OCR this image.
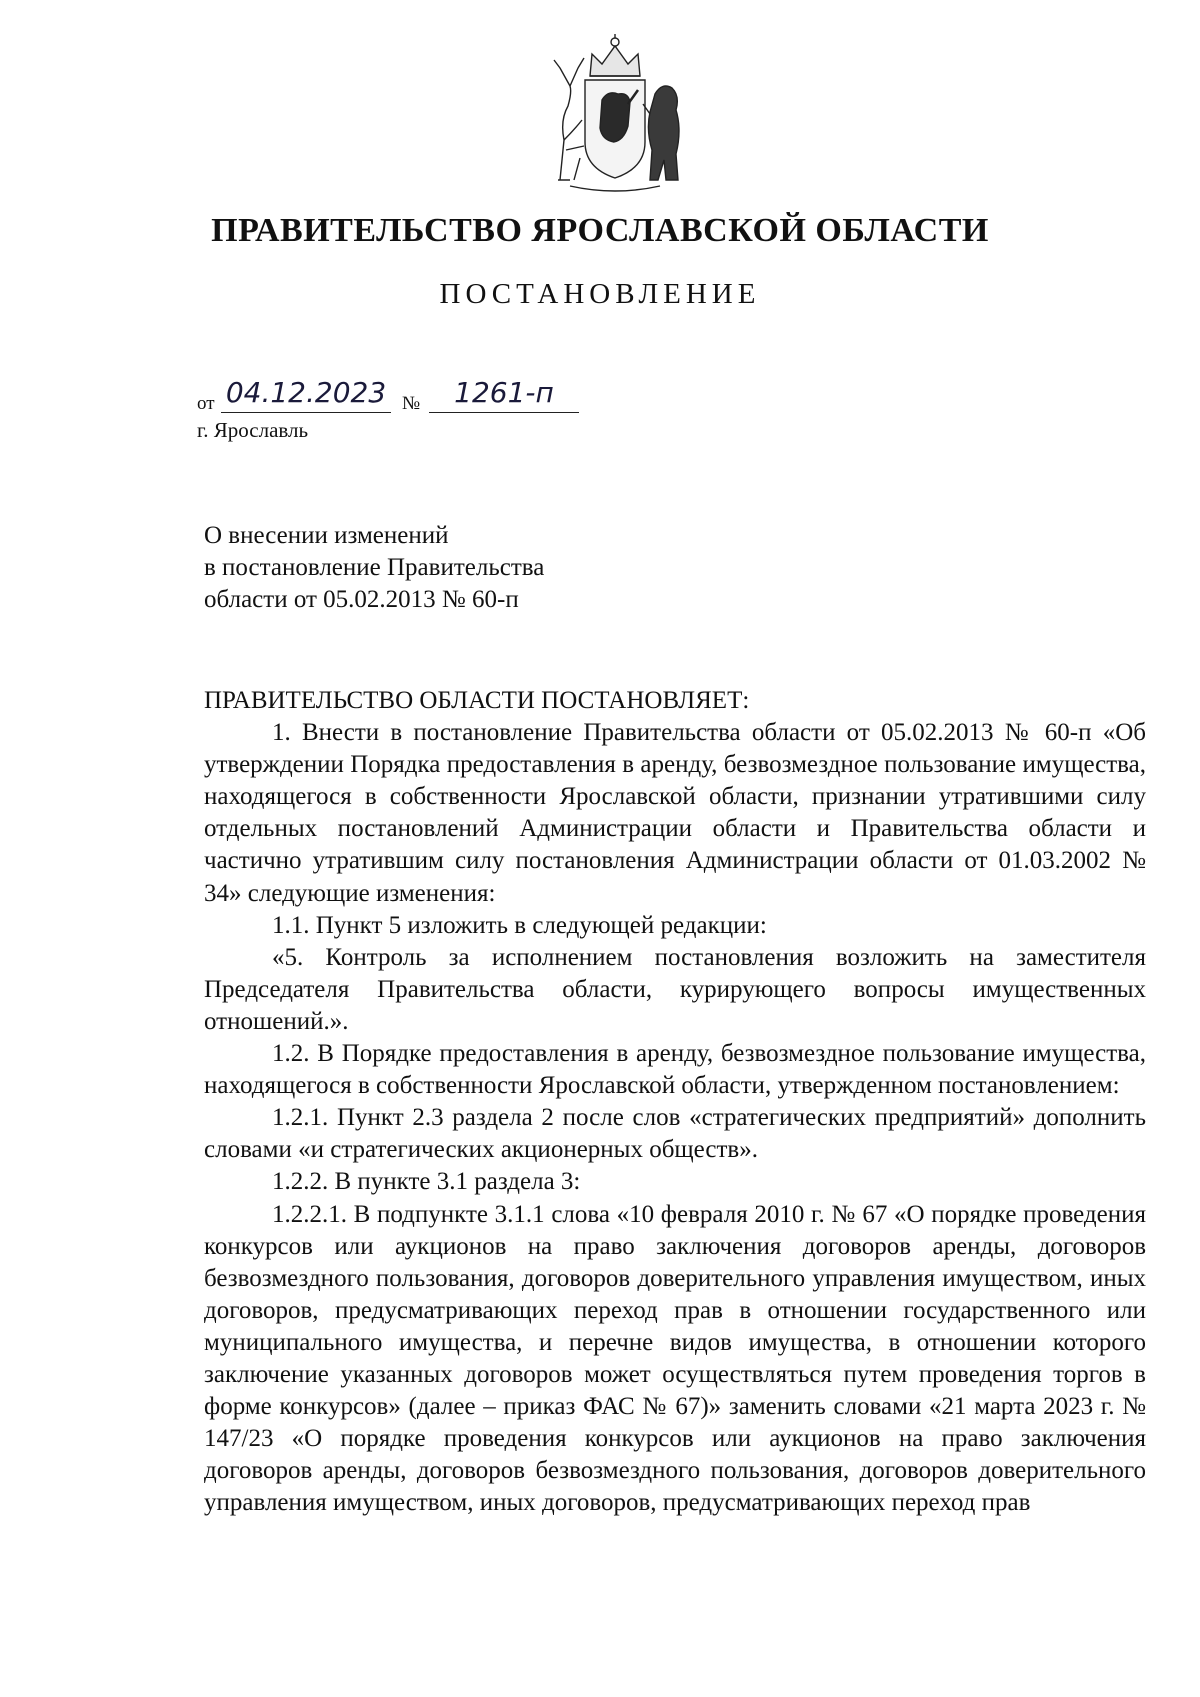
ПРАВИТЕЛЬСТВО ЯРОСЛАВСКОЙ ОБЛАСТИ
ПОСТАНОВЛЕНИЕ
от 04.12.2023 №	1261-п
г. Ярославль
О внесении изменений
в постановление Правительства
области от 05.02.2013 № 60-п

ПРАВИТЕЛЬСТВО ОБЛАСТИ ПОСТАНОВЛЯЕТ:

1. Внести в постановление Правительства области от 05.02.2013 № 60-п «Об утверждении Порядка предоставления в аренду, безвозмездное пользование имущества, находящегося в собственности Ярославской области, признании утратившими силу отдельных постановлений Администрации области и Правительства области и частично утратившим силу постановления Администрации области от 01.03.2002 № 34» следующие изменения:

1.1. Пункт 5 изложить в следующей редакции:

«5. Контроль за исполнением постановления возложить на заместителя Председателя Правительства области, курирующего вопросы имущественных отношений.».

1.2. В Порядке предоставления в аренду, безвозмездное пользование имущества, находящегося в собственности Ярославской области, утвержденном постановлением:

1.2.1. Пункт 2.3 раздела 2 после слов «стратегических предприятий» дополнить словами «и стратегических акционерных обществ».

1.2.2. В пункте 3.1 раздела 3:

1.2.2.1. В подпункте 3.1.1 слова «10 февраля 2010 г. № 67 «О порядке проведения конкурсов или аукционов на право заключения договоров аренды, договоров безвозмездного пользования, договоров доверительного управления имуществом, иных договоров, предусматривающих переход прав в отношении государственного или муниципального имущества, и перечне видов имущества, в отношении которого заключение указанных договоров может осуществляться путем проведения торгов в форме конкурсов» (далее – приказ ФАС № 67)» заменить словами «21 марта 2023 г. № 147/23 «О порядке проведения конкурсов или аукционов на право заключения договоров аренды, договоров безвозмездного пользования, договоров доверительного управления имуществом, иных договоров, предусматривающих переход прав
